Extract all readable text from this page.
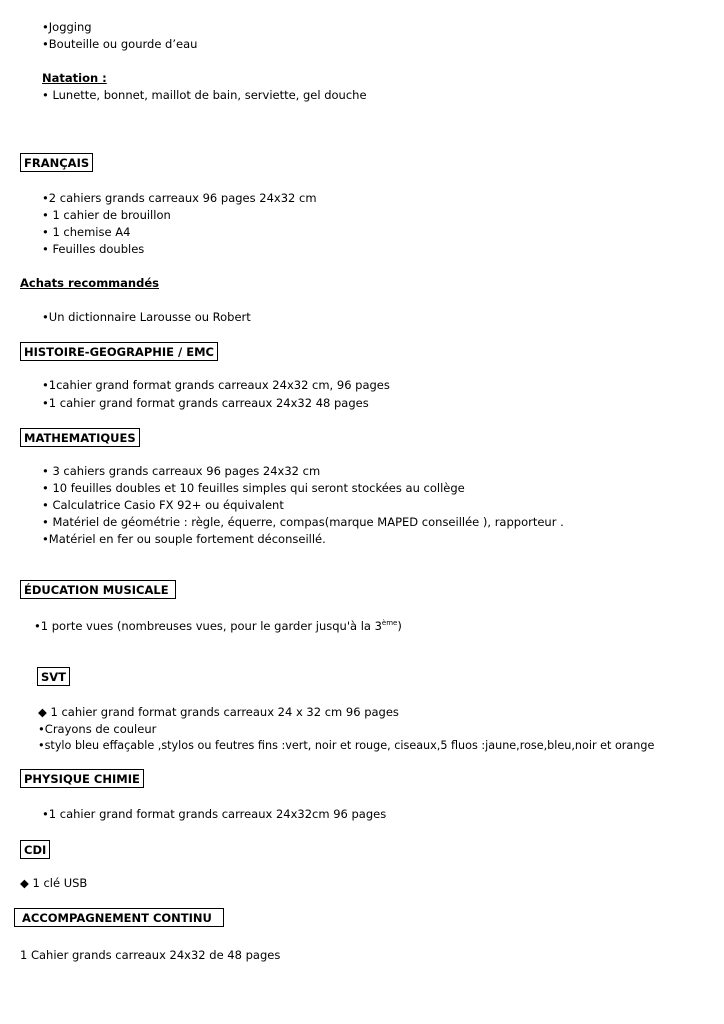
•Jogging
•Bouteille ou gourde d’eau
Natation :
• Lunette, bonnet, maillot de bain, serviette, gel douche
FRANÇAIS
•2 cahiers grands carreaux 96 pages 24x32 cm
• 1 cahier de brouillon
• 1 chemise A4
• Feuilles doubles
Achats recommandés
•Un dictionnaire Larousse ou Robert
HISTOIRE-GEOGRAPHIE / EMC
•1cahier grand format grands carreaux 24x32 cm, 96 pages
•1 cahier grand format grands carreaux 24x32 48 pages
MATHEMATIQUES
• 3 cahiers grands carreaux 96 pages 24x32 cm
• 10 feuilles doubles et 10 feuilles simples qui seront stockées au collège
• Calculatrice Casio FX 92+ ou équivalent
• Matériel de géométrie : règle, équerre, compas(marque MAPED conseillée ), rapporteur .
•Matériel en fer ou souple fortement déconseillé.
ÉDUCATION MUSICALE
•1 porte vues (nombreuses vues, pour le garder jusqu'à la 3ème)
SVT
◆ 1 cahier grand format grands carreaux 24 x 32 cm 96 pages
•Crayons de couleur
•stylo bleu effaçable ,stylos ou feutres fins :vert, noir et rouge, ciseaux,5 fluos :jaune,rose,bleu,noir et orange
PHYSIQUE CHIMIE
•1 cahier grand format grands carreaux 24x32cm 96 pages
CDI
◆ 1 clé USB
ACCOMPAGNEMENT CONTINU
1 Cahier grands carreaux 24x32 de 48 pages
